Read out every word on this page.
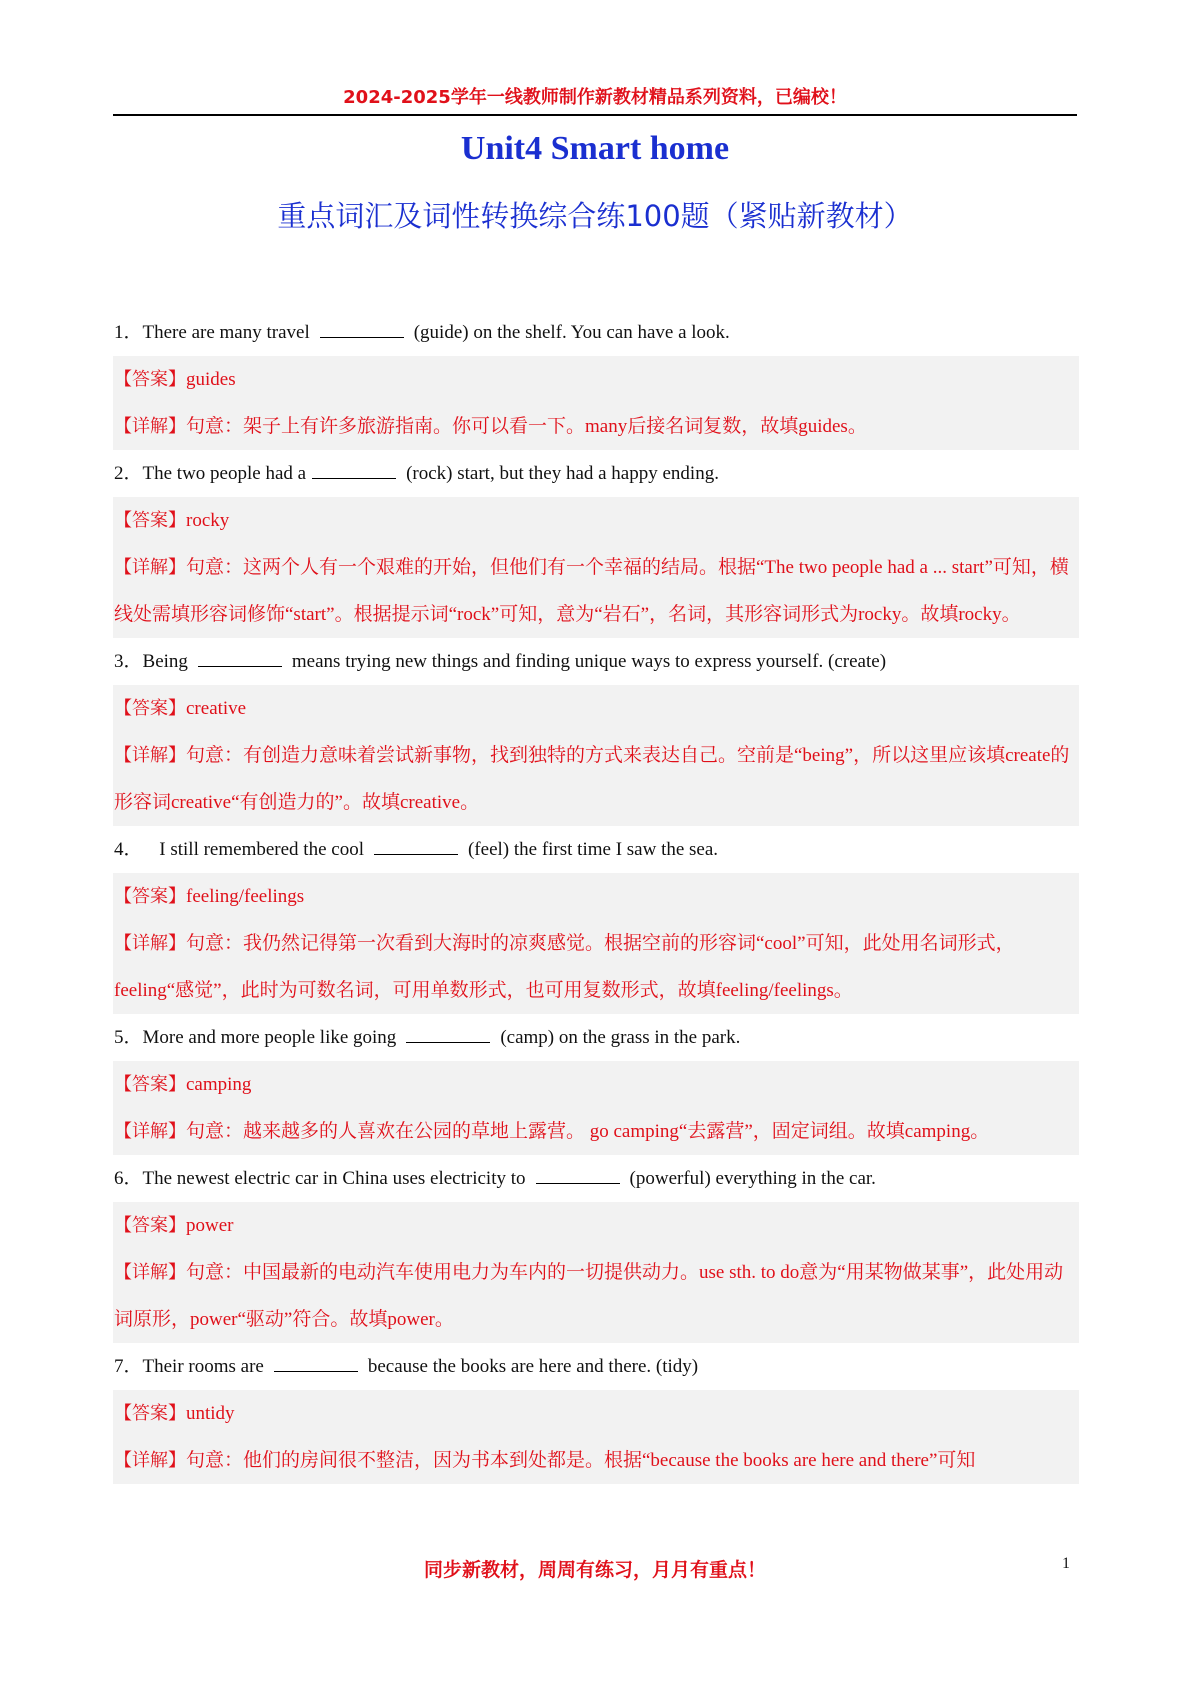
2024-2025学年一线教师制作新教材精品系列资料，已编校！
Unit4 Smart home
重点词汇及词性转换综合练100题（紧贴新教材）
1．There are many travel	(guide) on the shelf. You can have a look.
【答案】guides
【详解】句意：架子上有许多旅游指南。你可以看一下。many后接名词复数，故填guides。
2．The two people had a	(rock) start, but they had a happy ending.
【答案】rocky
【详解】句意：这两个人有一个艰难的开始，但他们有一个幸福的结局。根据“The two people had a ... start”可知，横线处需填形容词修饰“start”。根据提示词“rock”可知，意为“岩石”，名词，其形容词形式为rocky。故填rocky。
3．Being	means trying new things and finding unique ways to express yourself. (create)
【答案】creative
【详解】句意：有创造力意味着尝试新事物，找到独特的方式来表达自己。空前是“being”，所以这里应该填create的形容词creative“有创造力的”。故填creative。
4． I still remembered the cool	(feel) the first time I saw the sea.
【答案】feeling/feelings
【详解】句意：我仍然记得第一次看到大海时的凉爽感觉。根据空前的形容词“cool”可知，此处用名词形式，feeling“感觉”，此时为可数名词，可用单数形式，也可用复数形式，故填feeling/feelings。
5．More and more people like going	(camp) on the grass in the park.
【答案】camping
【详解】句意：越来越多的人喜欢在公园的草地上露营。 go camping“去露营”，固定词组。故填camping。
6．The newest electric car in China uses electricity to	(powerful) everything in the car.
【答案】power
【详解】句意：中国最新的电动汽车使用电力为车内的一切提供动力。use sth. to do意为“用某物做某事”，此处用动词原形，power“驱动”符合。故填power。
7．Their rooms are	because the books are here and there. (tidy)
【答案】untidy
【详解】句意：他们的房间很不整洁，因为书本到处都是。根据“because the books are here and there”可知
同步新教材，周周有练习，月月有重点！	1
